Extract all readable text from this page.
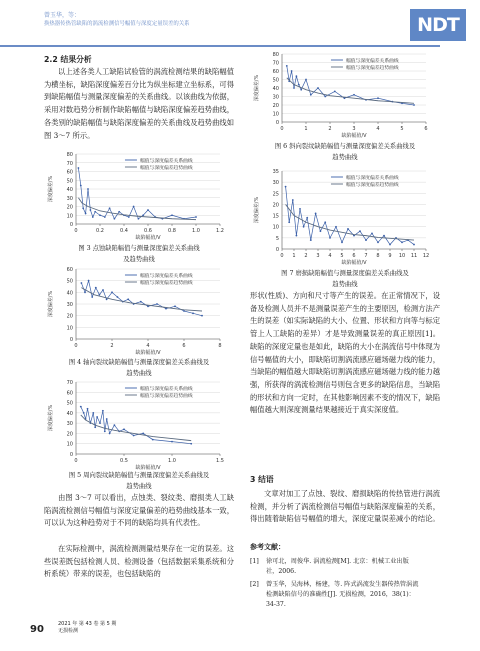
曾玉华，等：
换热器传热管缺陷的涡流检测信号幅值与深度定量误差的关系	NDT
2.2 结果分析
以上述各类人工缺陷试验管的涡流检测结果的缺陷幅值为横坐标，缺陷深度偏差百分比为纵坐标建立坐标系，可得到缺陷幅值与测量深度偏差的关系曲线。以该曲线为依据，采用对数趋势分析制作缺陷幅值与缺陷深度偏差趋势曲线，各类别的缺陷幅值与缺陷深度偏差的关系曲线及趋势曲线如图 3～7 所示。
0
10
20
30
40
50
60
70
80
0	0.2	0.4	0.6	0.8	1.0	1.2
缺陷幅值/V
深度偏差/%
幅值与深度偏差关系曲线
幅值与深度偏差趋势曲线
图 3 点蚀缺陷幅值与测量深度偏差关系曲线
及趋势曲线
0
10
20
30
40
50
60
0	2	4	6	8
缺陷幅值/V
深度偏差/%
幅值与深度偏差关系曲线
幅值与深度偏差趋势曲线
图 4 轴向裂纹缺陷幅值与测量深度偏差关系曲线及
趋势曲线
0
10
20
30
40
50
60
70
0	0.5	1.0	1.5
缺陷幅值/V
深度偏差/%
幅值与深度偏差关系曲线
幅值与深度偏差趋势曲线
图 5 周向裂纹缺陷幅值与测量深度偏差关系曲线及
趋势曲线
由图 3～7 可以看出，点蚀类、裂纹类、磨损类人工缺陷涡流检测信号幅值与深度定量偏差的趋势曲线基本一致，可以认为这种趋势对于不同的缺陷均具有代表性。
在实际检测中，涡流检测测量结果存在一定的误差。这些误差既包括检测人员、检测设备（包括数据采集系统和分析系统）带来的误差，也包括缺陷的
0
10
20
30
40
50
60
70
80
0	1	2	3	4	5	6
缺陷幅值/V
深度偏差/%
幅值与深度偏差关系曲线
幅值与深度偏差趋势曲线
图 6 斜向裂纹缺陷幅值与测量深度偏差关系曲线及
趋势曲线
0
5
10
15
20
25
30
35
0 1 2 3 4 5 6 7 8 9 10 11 12
缺陷幅值/V
深度偏差/%
幅值与深度偏差关系曲线
幅值与深度偏差趋势曲线
图 7 磨损缺陷幅值与测量深度偏差关系曲线及
趋势曲线
形状(性质)、方向和尺寸等产生的误差。在正常情况下，设备及检测人员并不是测量误差产生的主要原因，检测方法产生的误差（如实际缺陷的大小、位置、形状和方向等与标定管上人工缺陷的差异）才是导致测量误差的真正原因[1]。缺陷的深度定量也是如此，缺陷的大小在涡流信号中体现为信号幅值的大小，即缺陷切割涡流感应磁场磁力线的能力，当缺陷的幅值越大即缺陷切割涡流感应磁场磁力线的能力越强，所获得的涡流检测信号则包含更多的缺陷信息，当缺陷的形状和方向一定时，在其他影响因素不变的情况下，缺陷幅值越大则深度测量结果越接近于真实深度值。
3 结语
文章对加工了点蚀、裂纹、磨损缺陷的传热管进行涡流检测，并分析了涡流检测信号幅值与缺陷深度偏差的关系，得出随着缺陷信号幅值的增大，深度定量误差减小的结论。
参考文献：
[1]	徐可北，周俊华. 涡流检测[M]. 北京：机械工业出版
社，2006.
[2]	曾玉华，吴海林，杨建，等. 阵式涡流发生器传热管涡流
检测缺陷信号的准确性[J]. 无损检测，2016，38(1)：
34-37.
90	2021 年 第 43 卷 第 5 期
无损检测
